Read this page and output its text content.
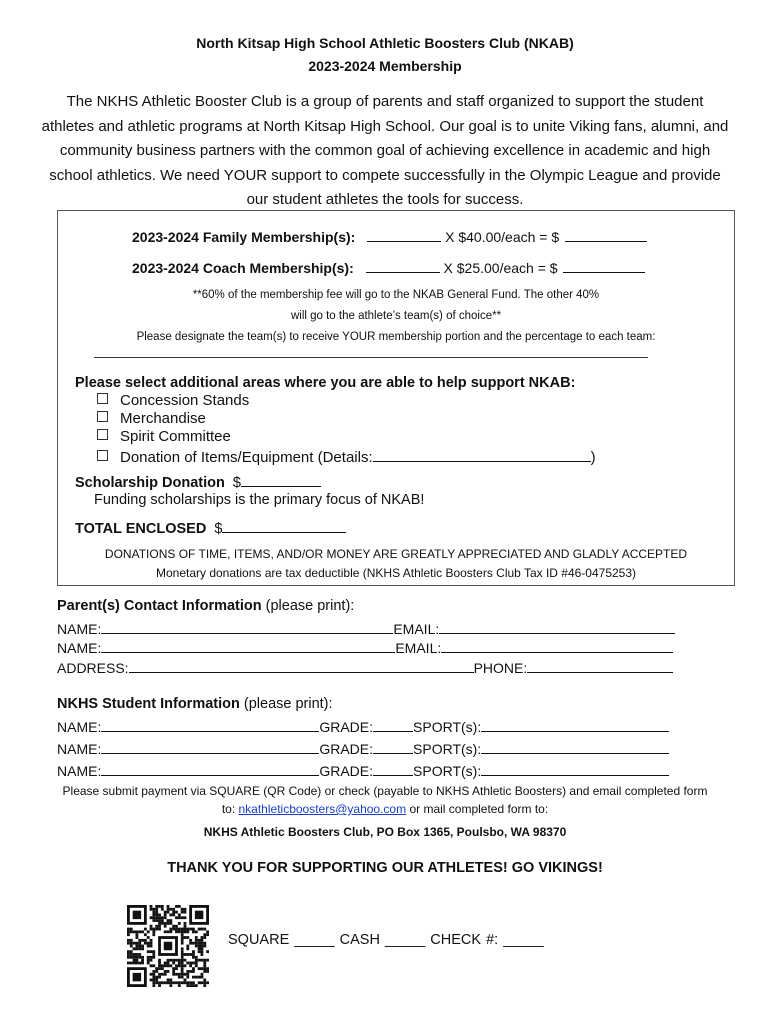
North Kitsap High School Athletic Boosters Club (NKAB)
2023-2024 Membership
The NKHS Athletic Booster Club is a group of parents and staff organized to support the student athletes and athletic programs at North Kitsap High School. Our goal is to unite Viking fans, alumni, and community business partners with the common goal of achieving excellence in academic and high school athletics. We need YOUR support to compete successfully in the Olympic League and provide our student athletes the tools for success.
2023-2024 Family Membership(s):	X $40.00/each = $
2023-2024 Coach Membership(s):	X $25.00/each = $
**60% of the membership fee will go to the NKAB General Fund. The other 40%
will go to the athlete’s team(s) of choice**
Please designate the team(s) to receive YOUR membership portion and the percentage to each team:
Please select additional areas where you are able to help support NKAB:
Concession Stands
Merchandise
Spirit Committee
Donation of Items/Equipment (Details:	)
Scholarship Donation $
Funding scholarships is the primary focus of NKAB!
TOTAL ENCLOSED $
DONATIONS OF TIME, ITEMS, AND/OR MONEY ARE GREATLY APPRECIATED AND GLADLY ACCEPTED
Monetary donations are tax deductible (NKHS Athletic Boosters Club Tax ID #46-0475253)
Parent(s) Contact Information (please print):
NAME:	EMAIL:
NAME:	EMAIL:
ADDRESS:	PHONE:
NKHS Student Information (please print):
NAME:	GRADE:	SPORT(s):
NAME:	GRADE:	SPORT(s):
NAME:	GRADE:	SPORT(s):
Please submit payment via SQUARE (QR Code) or check (payable to NKHS Athletic Boosters) and email completed form
to: nkathleticboosters@yahoo.com or mail completed form to:
NKHS Athletic Boosters Club, PO Box 1365, Poulsbo, WA 98370
THANK YOU FOR SUPPORTING OUR ATHLETES! GO VIKINGS!
SQUARE _____ CASH _____ CHECK #: _____
